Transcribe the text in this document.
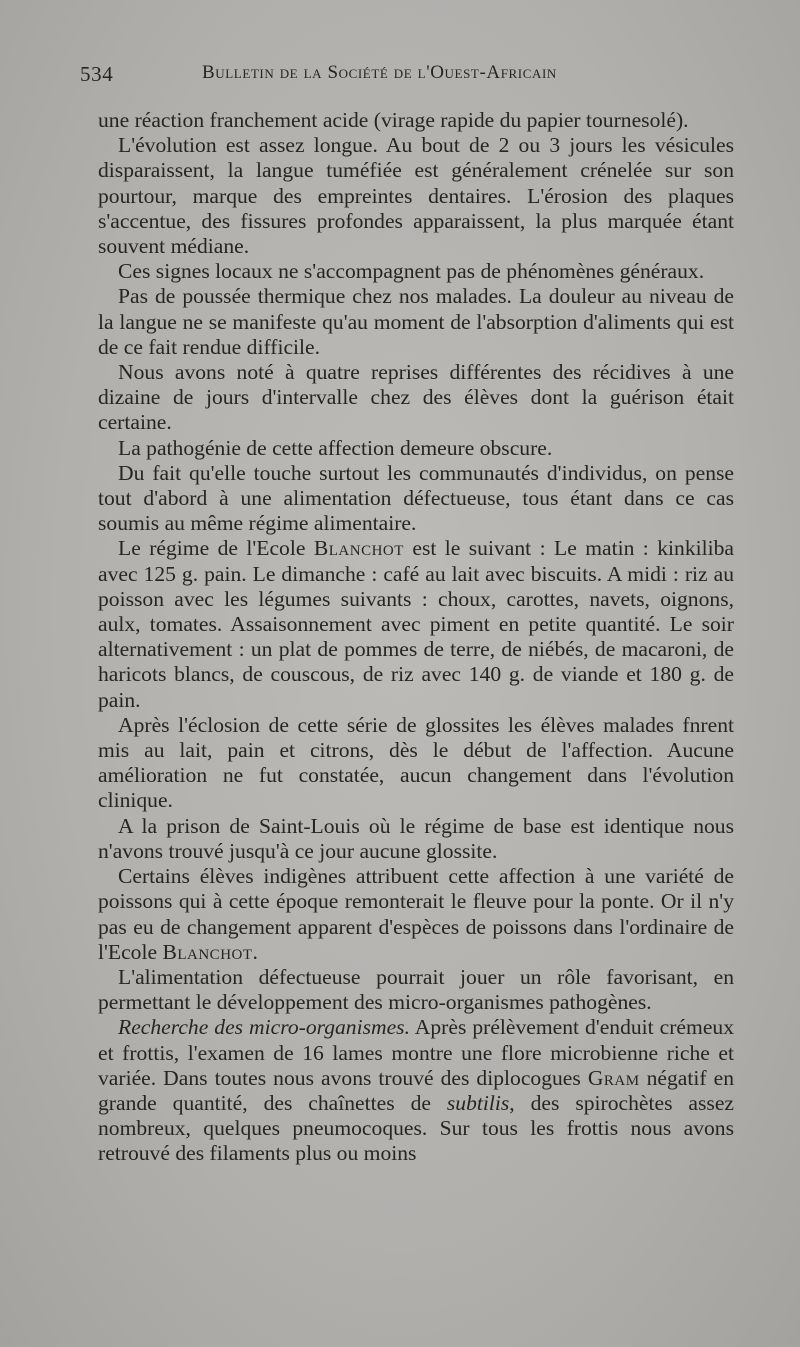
534	Bulletin de la Société de l'Ouest-Africain

une réaction franchement acide (virage rapide du papier tournesolé).

L'évolution est assez longue. Au bout de 2 ou 3 jours les vésicules disparaissent, la langue tuméfiée est généralement crénelée sur son pourtour, marque des empreintes dentaires. L'érosion des plaques s'accentue, des fissures profondes apparaissent, la plus marquée étant souvent médiane.

Ces signes locaux ne s'accompagnent pas de phénomènes généraux.

Pas de poussée thermique chez nos malades. La douleur au niveau de la langue ne se manifeste qu'au moment de l'absorption d'aliments qui est de ce fait rendue difficile.

Nous avons noté à quatre reprises différentes des récidives à une dizaine de jours d'intervalle chez des élèves dont la guérison était certaine.

La pathogénie de cette affection demeure obscure.

Du fait qu'elle touche surtout les communautés d'individus, on pense tout d'abord à une alimentation défectueuse, tous étant dans ce cas soumis au même régime alimentaire.

Le régime de l'Ecole Blanchot est le suivant : Le matin : kinkiliba avec 125 g. pain. Le dimanche : café au lait avec biscuits. A midi : riz au poisson avec les légumes suivants : choux, carottes, navets, oignons, aulx, tomates. Assaisonnement avec piment en petite quantité. Le soir alternativement : un plat de pommes de terre, de niébés, de macaroni, de haricots blancs, de couscous, de riz avec 140 g. de viande et 180 g. de pain.

Après l'éclosion de cette série de glossites les élèves malades fnrent mis au lait, pain et citrons, dès le début de l'affection. Aucune amélioration ne fut constatée, aucun changement dans l'évolution clinique.

A la prison de Saint-Louis où le régime de base est identique nous n'avons trouvé jusqu'à ce jour aucune glossite.

Certains élèves indigènes attribuent cette affection à une variété de poissons qui à cette époque remonterait le fleuve pour la ponte. Or il n'y pas eu de changement apparent d'espèces de poissons dans l'ordinaire de l'Ecole Blanchot.

L'alimentation défectueuse pourrait jouer un rôle favorisant, en permettant le développement des micro-organismes pathogènes.

Recherche des micro-organismes. Après prélèvement d'enduit crémeux et frottis, l'examen de 16 lames montre une flore microbienne riche et variée. Dans toutes nous avons trouvé des diplocogues Gram négatif en grande quantité, des chaînettes de subtilis, des spirochètes assez nombreux, quelques pneumocoques. Sur tous les frottis nous avons retrouvé des filaments plus ou moins
